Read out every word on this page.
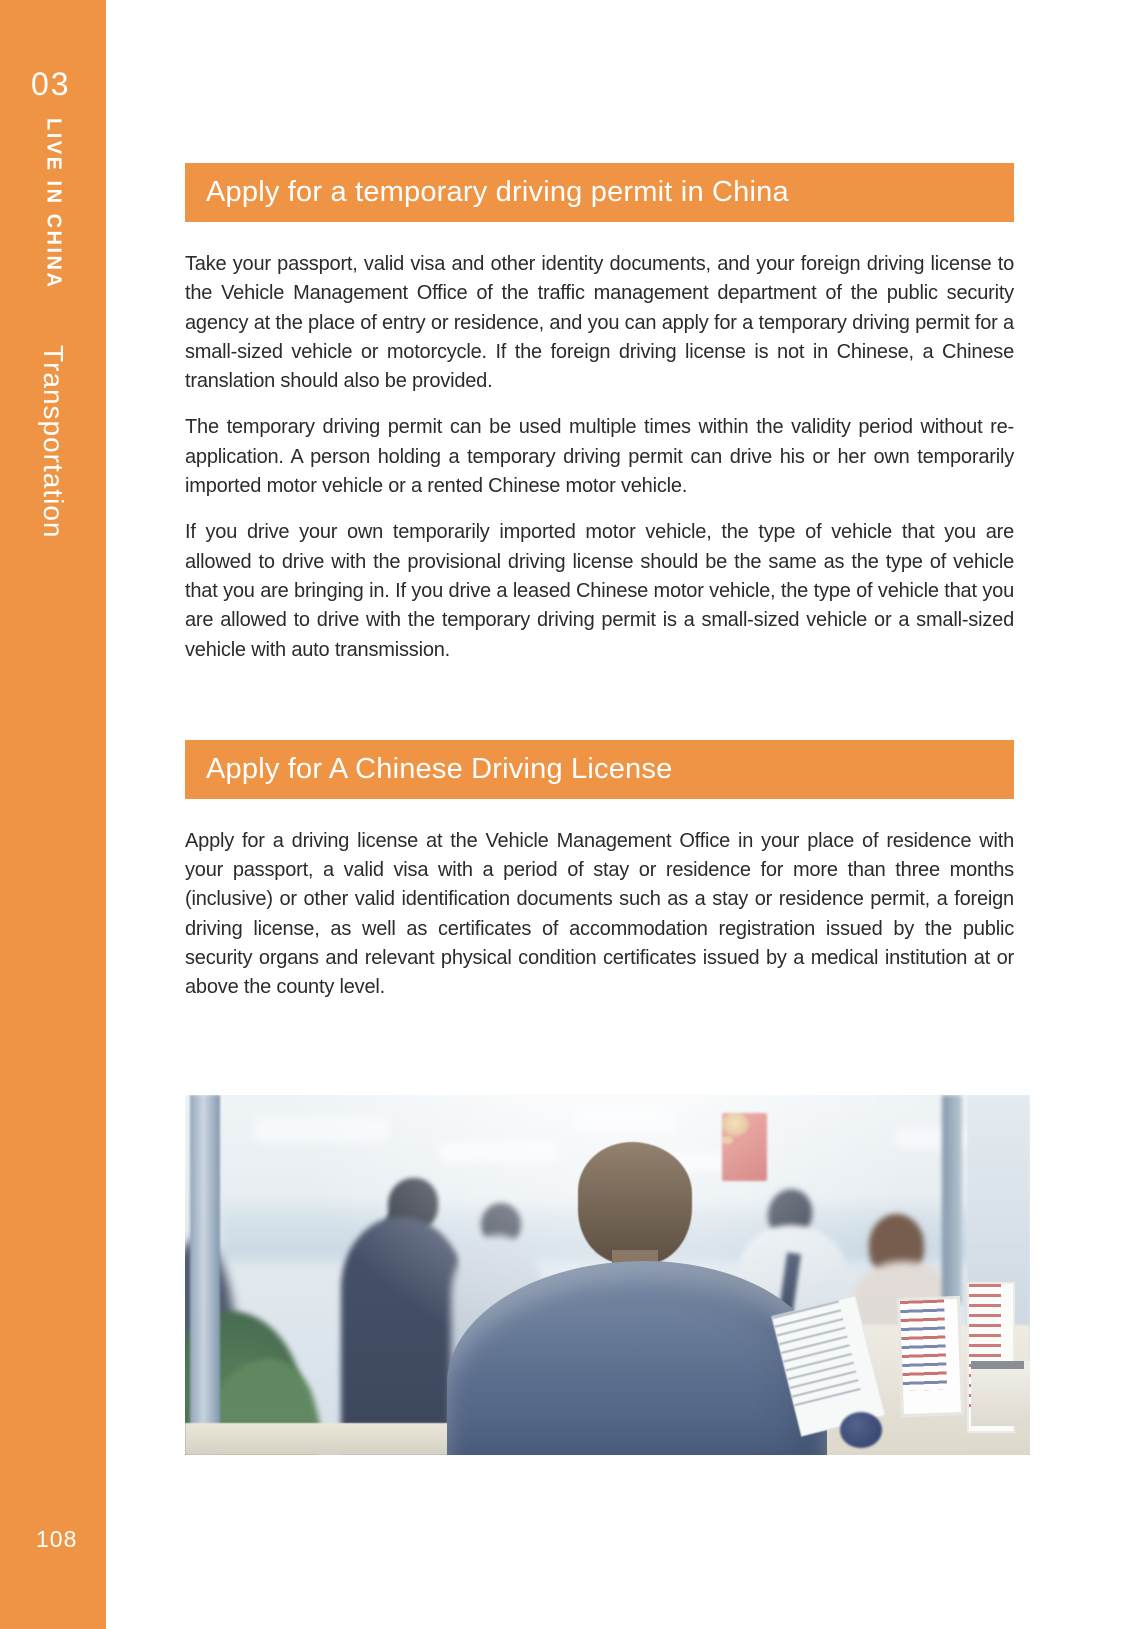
03
LIVE IN CHINA
Transportation
108
Apply for a temporary driving permit in China

Take your passport, valid visa and other identity documents, and your foreign driving license to the Vehicle Management Office of the traffic management department of the public security agency at the place of entry or residence, and you can apply for a temporary driving permit for a small-sized vehicle or motorcycle. If the foreign driving license is not in Chinese, a Chinese translation should also be provided.

The temporary driving permit can be used multiple times within the validity period without re-application. A person holding a temporary driving permit can drive his or her own temporarily imported motor vehicle or a rented Chinese motor vehicle.

If you drive your own temporarily imported motor vehicle, the type of vehicle that you are allowed to drive with the provisional driving license should be the same as the type of vehicle that you are bringing in. If you drive a leased Chinese motor vehicle, the type of vehicle that you are allowed to drive with the temporary driving permit is a small-sized vehicle or a small-sized vehicle with auto transmission.

Apply for A Chinese Driving License

Apply for a driving license at the Vehicle Management Office in your place of residence with your passport, a valid visa with a period of stay or residence for more than three months (inclusive) or other valid identification documents such as a stay or residence permit, a foreign driving license, as well as certificates of accommodation registration issued by the public security organs and relevant physical condition certificates issued by a medical institution at or above the county level.
